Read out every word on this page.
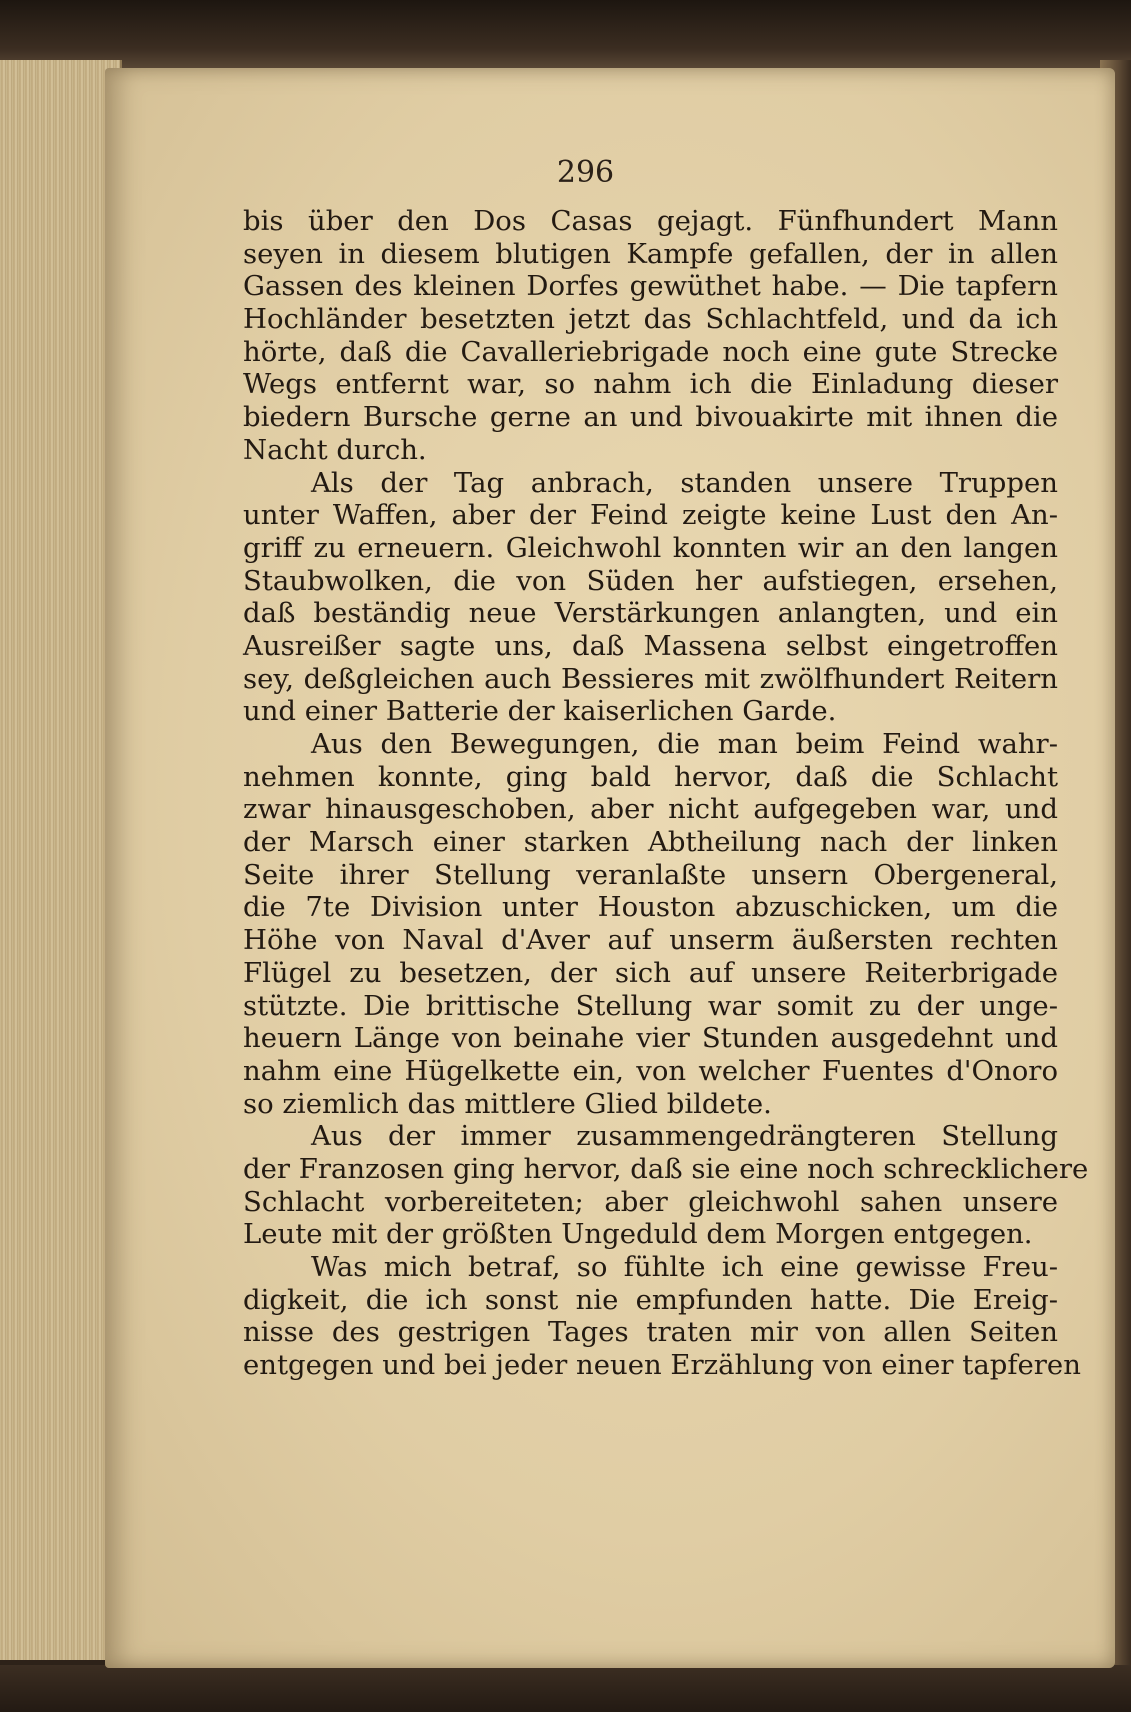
296
bis über den Dos Casas gejagt. Fünfhundert Mann
seyen in diesem blutigen Kampfe gefallen, der in allen
Gassen des kleinen Dorfes gewüthet habe. — Die tapfern
Hochländer besetzten jetzt das Schlachtfeld, und da ich
hörte, daß die Cavalleriebrigade noch eine gute Strecke
Wegs entfernt war, so nahm ich die Einladung dieser
biedern Bursche gerne an und bivouakirte mit ihnen die
Nacht durch.
Als der Tag anbrach, standen unsere Truppen
unter Waffen, aber der Feind zeigte keine Lust den An-
griff zu erneuern. Gleichwohl konnten wir an den langen
Staubwolken, die von Süden her aufstiegen, ersehen,
daß beständig neue Verstärkungen anlangten, und ein
Ausreißer sagte uns, daß Massena selbst eingetroffen
sey, deßgleichen auch Bessieres mit zwölfhundert Reitern
und einer Batterie der kaiserlichen Garde.
Aus den Bewegungen, die man beim Feind wahr-
nehmen konnte, ging bald hervor, daß die Schlacht
zwar hinausgeschoben, aber nicht aufgegeben war, und
der Marsch einer starken Abtheilung nach der linken
Seite ihrer Stellung veranlaßte unsern Obergeneral,
die 7te Division unter Houston abzuschicken, um die
Höhe von Naval d'Aver auf unserm äußersten rechten
Flügel zu besetzen, der sich auf unsere Reiterbrigade
stützte. Die brittische Stellung war somit zu der unge-
heuern Länge von beinahe vier Stunden ausgedehnt und
nahm eine Hügelkette ein, von welcher Fuentes d'Onoro
so ziemlich das mittlere Glied bildete.
Aus der immer zusammengedrängteren Stellung
der Franzosen ging hervor, daß sie eine noch schrecklichere
Schlacht vorbereiteten; aber gleichwohl sahen unsere
Leute mit der größten Ungeduld dem Morgen entgegen.
Was mich betraf, so fühlte ich eine gewisse Freu-
digkeit, die ich sonst nie empfunden hatte. Die Ereig-
nisse des gestrigen Tages traten mir von allen Seiten
entgegen und bei jeder neuen Erzählung von einer tapferen
